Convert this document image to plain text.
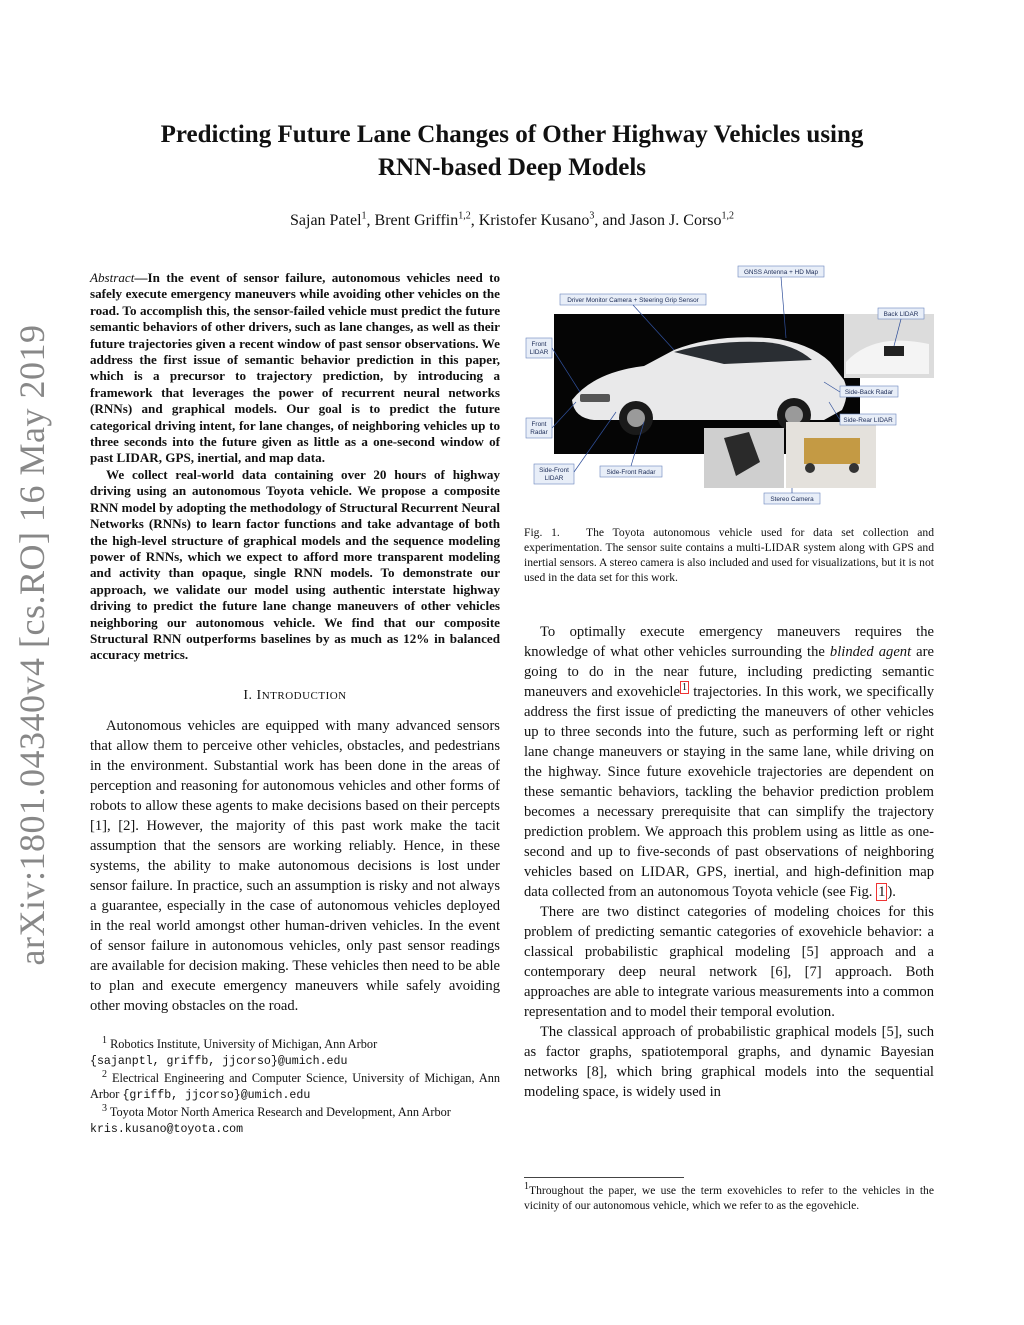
arXiv:1801.04340v4 [cs.RO] 16 May 2019
Predicting Future Lane Changes of Other Highway Vehicles using
RNN-based Deep Models
Sajan Patel$^1$, Brent Griffin$^{1,2}$, Kristofer Kusano$^3$, and Jason J. Corso$^{1,2}$

Abstract—In the event of sensor failure, autonomous vehicles need to safely execute emergency maneuvers while avoiding other vehicles on the road. To accomplish this, the sensor-failed vehicle must predict the future semantic behaviors of other drivers, such as lane changes, as well as their future trajectories given a recent window of past sensor observations. We address the first issue of semantic behavior prediction in this paper, which is a precursor to trajectory prediction, by introducing a framework that leverages the power of recurrent neural networks (RNNs) and graphical models. Our goal is to predict the future categorical driving intent, for lane changes, of neighboring vehicles up to three seconds into the future given as little as a one-second window of past LIDAR, GPS, inertial, and map data.

We collect real-world data containing over 20 hours of highway driving using an autonomous Toyota vehicle. We propose a composite RNN model by adopting the methodology of Structural Recurrent Neural Networks (RNNs) to learn factor functions and take advantage of both the high-level structure of graphical models and the sequence modeling power of RNNs, which we expect to afford more transparent modeling and activity than opaque, single RNN models. To demonstrate our approach, we validate our model using authentic interstate highway driving to predict the future lane change maneuvers of other vehicles neighboring our autonomous vehicle. We find that our composite Structural RNN outperforms baselines by as much as 12% in balanced accuracy metrics.

I. INTRODUCTION

Autonomous vehicles are equipped with many advanced sensors that allow them to perceive other vehicles, obstacles, and pedestrians in the environment. Substantial work has been done in the areas of perception and reasoning for autonomous vehicles and other forms of robots to allow these agents to make decisions based on their percepts [1], [2]. However, the majority of this past work make the tacit assumption that the sensors are working reliably. Hence, in these systems, the ability to make autonomous decisions is lost under sensor failure. In practice, such an assumption is risky and not always a guarantee, especially in the case of autonomous vehicles deployed in the real world amongst other human-driven vehicles. In the event of sensor failure in autonomous vehicles, only past sensor readings are available for decision making. These vehicles then need to be able to plan and execute emergency maneuvers while safely avoiding other moving obstacles on the road.

$^1$ Robotics Institute, University of Michigan, Ann Arbor
{sajanptl, griffb, jjcorso}@umich.edu
$^2$ Electrical Engineering and Computer Science, University of Michigan, Ann Arbor {griffb, jjcorso}@umich.edu
$^3$ Toyota Motor North America Research and Development, Ann Arbor
kris.kusano@toyota.com
GNSS Antenna + HD Map
Driver Monitor Camera + Steering Grip Sensor
Back LIDAR
Front
LIDAR
Side-Back Radar
Side-Rear LIDAR
Front
Radar
Side-Front
LIDAR
Side-Front Radar
Stereo Camera
Fig. 1. The Toyota autonomous vehicle used for data set collection and experimentation. The sensor suite contains a multi-LIDAR system along with GPS and inertial sensors. A stereo camera is also included and used for visualizations, but it is not used in the data set for this work.

To optimally execute emergency maneuvers requires the knowledge of what other vehicles surrounding the blinded agent are going to do in the near future, including predicting semantic maneuvers and exovehicle $^1$ trajectories. In this work, we specifically address the first issue of predicting the maneuvers of other vehicles up to three seconds into the future, such as performing left or right lane change maneuvers or staying in the same lane, while driving on the highway. Since future exovehicle trajectories are dependent on these semantic behaviors, tackling the behavior prediction problem becomes a necessary prerequisite that can simplify the trajectory prediction problem. We approach this problem using as little as one-second and up to five-seconds of past observations of neighboring vehicles based on LIDAR, GPS, inertial, and high-definition map data collected from an autonomous Toyota vehicle (see Fig. 1 ).

There are two distinct categories of modeling choices for this problem of predicting semantic categories of exovehicle behavior: a classical probabilistic graphical modeling [5] approach and a contemporary deep neural network [6], [7] approach. Both approaches are able to integrate various measurements into a common representation and to model their temporal evolution.

The classical approach of probabilistic graphical models [5], such as factor graphs, spatiotemporal graphs, and dynamic Bayesian networks [8], which bring graphical models into the sequential modeling space, is widely used in

$^1$Throughout the paper, we use the term exovehicles to refer to the vehicles in the vicinity of our autonomous vehicle, which we refer to as the egovehicle.
